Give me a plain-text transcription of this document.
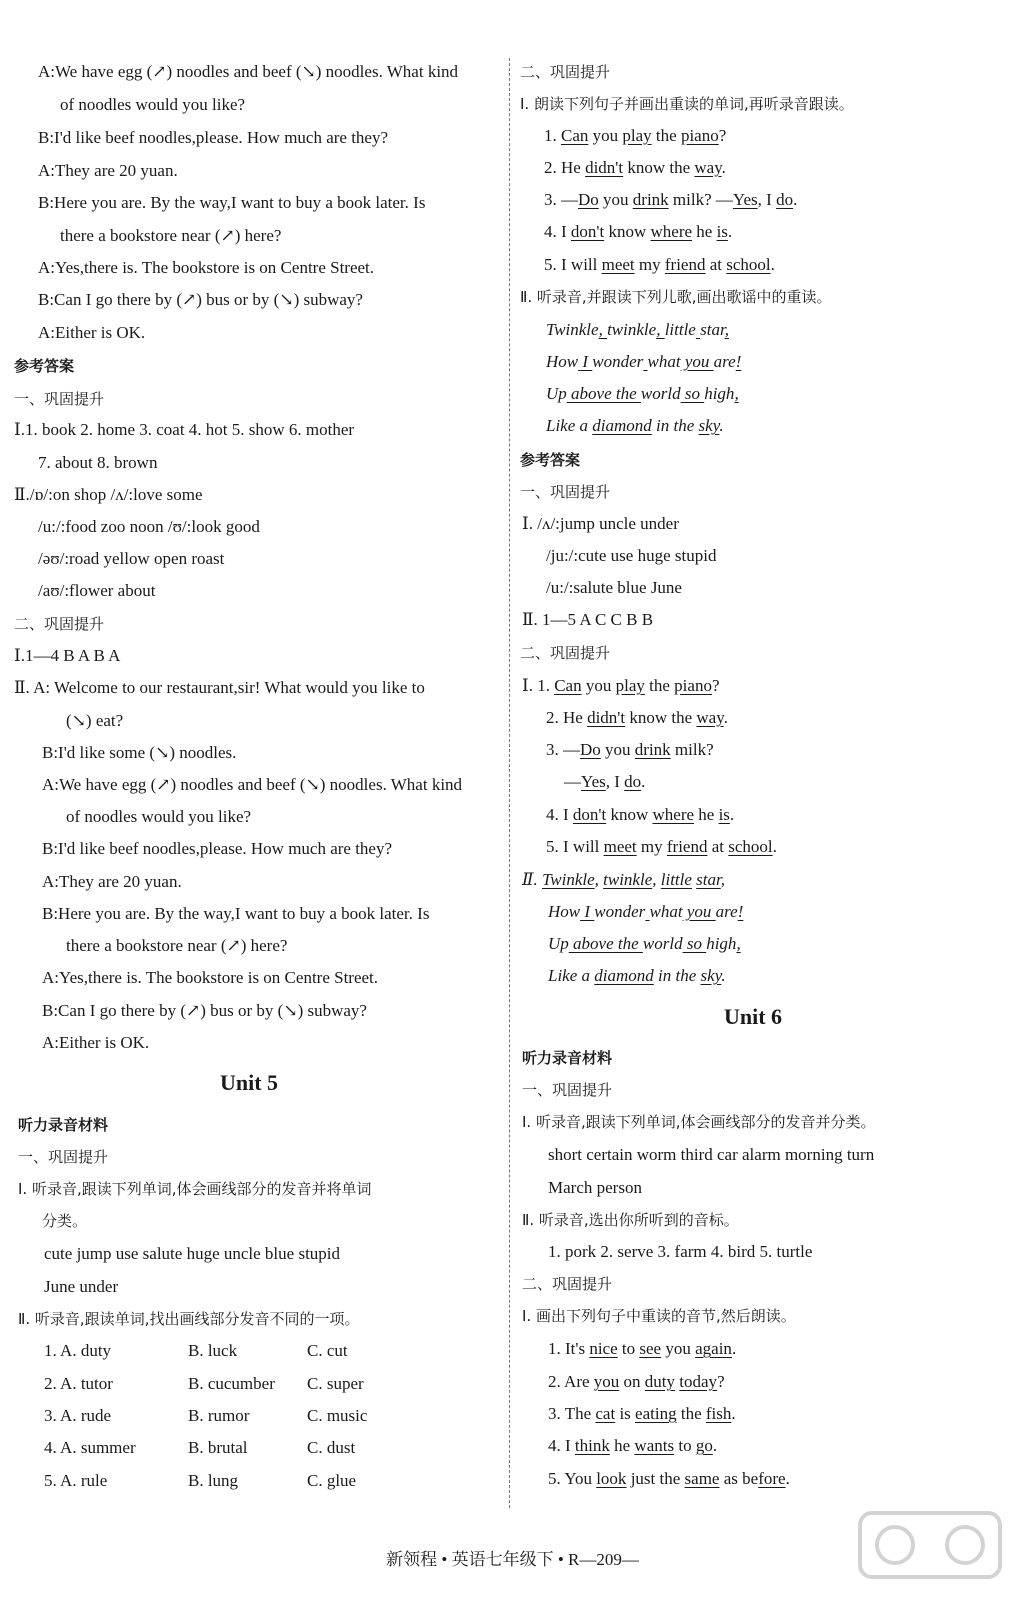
A:We have egg (↗) noodles and beef (↘) noodles. What kind
of noodles would you like?
B:I'd like beef noodles,please. How much are they?
A:They are 20 yuan.
B:Here you are. By the way,I want to buy a book later. Is
there a bookstore near (↗) here?
A:Yes,there is. The bookstore is on Centre Street.
B:Can I go there by (↗) bus or by (↘) subway?
A:Either is OK.
参考答案
一、巩固提升
Ⅰ.1. book 2. home 3. coat 4. hot 5. show 6. mother
7. about 8. brown
Ⅱ./ɒ/:on shop /ʌ/:love some
/u:/:food zoo noon /ʊ/:look good
/əʊ/:road yellow open roast
/aʊ/:flower about
二、巩固提升
Ⅰ.1—4 B A B A
Ⅱ. A: Welcome to our restaurant,sir! What would you like to
(↘) eat?
B:I'd like some (↘) noodles.
A:We have egg (↗) noodles and beef (↘) noodles. What kind
of noodles would you like?
B:I'd like beef noodles,please. How much are they?
A:They are 20 yuan.
B:Here you are. By the way,I want to buy a book later. Is
there a bookstore near (↗) here?
A:Yes,there is. The bookstore is on Centre Street.
B:Can I go there by (↗) bus or by (↘) subway?
A:Either is OK.
Unit 5
听力录音材料
一、巩固提升
Ⅰ. 听录音,跟读下列单词,体会画线部分的发音并将单词
分类。
cute jump use salute huge uncle blue stupid
June under
Ⅱ. 听录音,跟读单词,找出画线部分发音不同的一项。
1. A. duty	B. luck	C. cut
2. A. tutor	B. cucumber C. super
3. A. rude	B. rumor	C. music
4. A. summer	B. brutal	C. dust
5. A. rule	B. lung	C. glue
二、巩固提升
Ⅰ. 朗读下列句子并画出重读的单词,再听录音跟读。
1. Can you play the piano?
2. He didn't know the way.
3. —Do you drink milk? —Yes, I do.
4. I don't know where he is.
5. I will meet my friend at school.
Ⅱ. 听录音,并跟读下列儿歌,画出歌谣中的重读。
Twinkle, twinkle, little star,
How I wonder what you are!
Up above the world so high,
Like a diamond in the sky.
参考答案
一、巩固提升
Ⅰ. /ʌ/:jump uncle under
/ju:/:cute use huge stupid
/u:/:salute blue June
Ⅱ. 1—5 A C C B B
二、巩固提升
Ⅰ. 1. Can you play the piano?
2. He didn't know the way.
3. —Do you drink milk?
—Yes, I do.
4. I don't know where he is.
5. I will meet my friend at school.
Ⅱ. Twinkle, twinkle, little star,
How I wonder what you are!
Up above the world so high,
Like a diamond in the sky.
Unit 6
听力录音材料
一、巩固提升
Ⅰ. 听录音,跟读下列单词,体会画线部分的发音并分类。
short certain worm third car alarm morning turn
March person
Ⅱ. 听录音,选出你所听到的音标。
1. pork 2. serve 3. farm 4. bird 5. turtle
二、巩固提升
Ⅰ. 画出下列句子中重读的音节,然后朗读。
1. It's nice to see you again.
2. Are you on duty today?
3. The cat is eating the fish.
4. I think he wants to go.
5. You look just the same as before.
新领程 • 英语七年级下 • R—209—
